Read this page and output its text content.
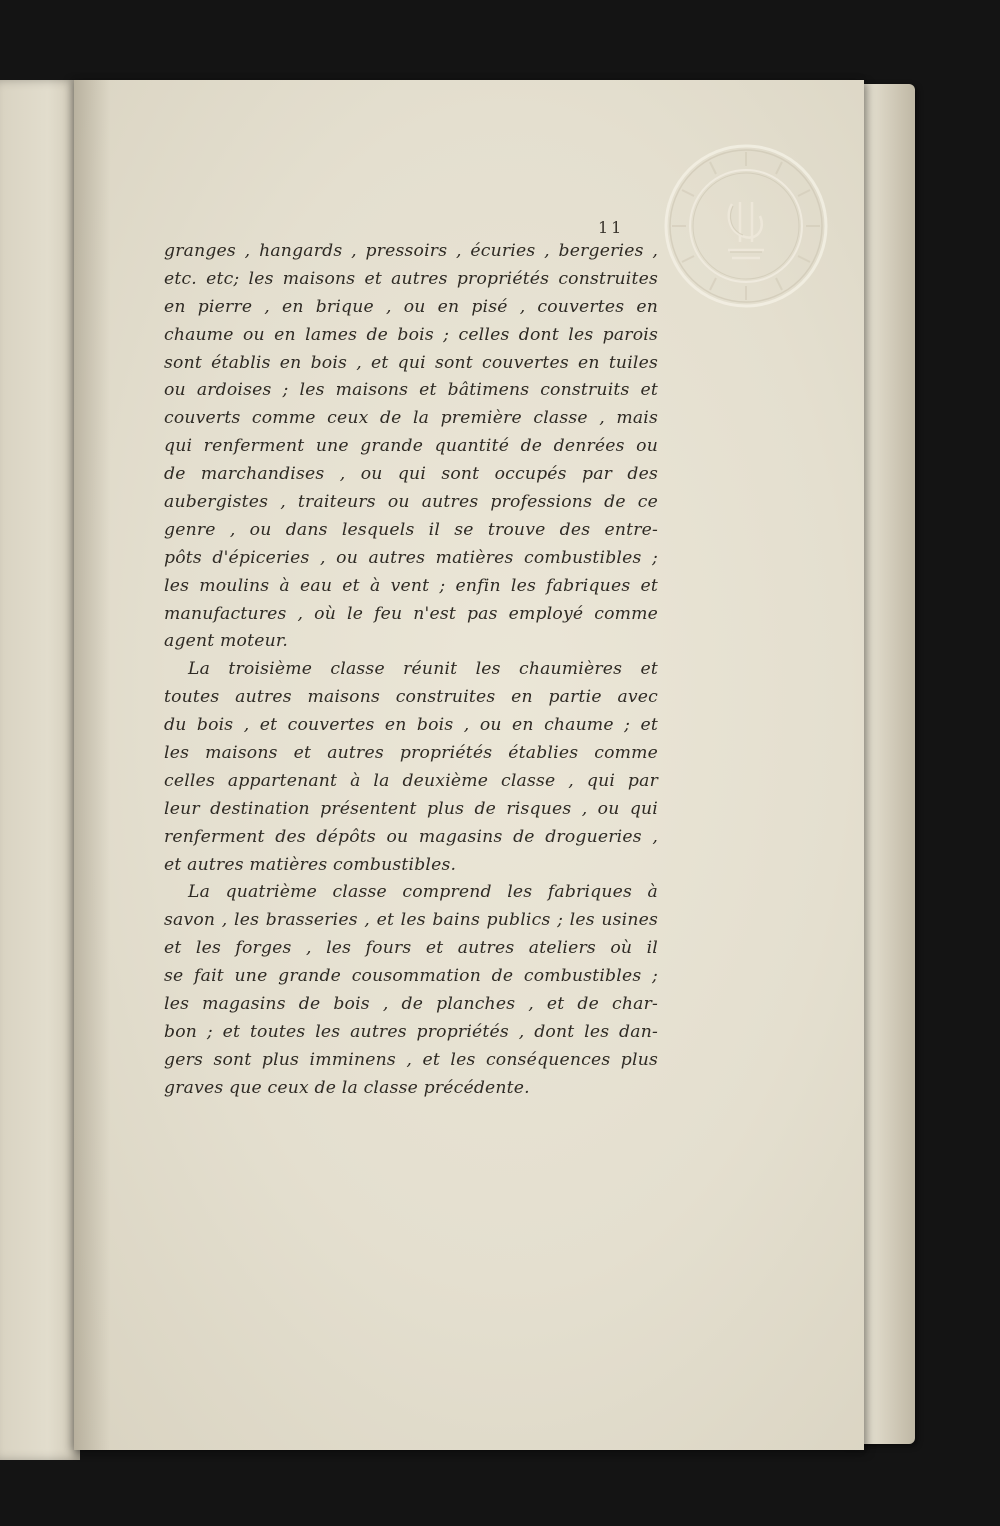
11
granges , hangards , pressoirs , écuries , bergeries ,
etc. etc; les maisons et autres propriétés construites
en pierre , en brique , ou en pisé , couvertes en
chaume ou en lames de bois ; celles dont les parois
sont établis en bois , et qui sont couvertes en tuiles
ou ardoises ; les maisons et bâtimens construits et
couverts comme ceux de la première classe , mais
qui renferment une grande quantité de denrées ou
de marchandises , ou qui sont occupés par des
aubergistes , traiteurs ou autres professions de ce
genre , ou dans lesquels il se trouve des entre-
pôts d'épiceries , ou autres matières combustibles ;
les moulins à eau et à vent ; enfin les fabriques et
manufactures , où le feu n'est pas employé comme
agent moteur.
La troisième classe réunit les chaumières et
toutes autres maisons construites en partie avec
du bois , et couvertes en bois , ou en chaume ; et
les maisons et autres propriétés établies comme
celles appartenant à la deuxième classe , qui par
leur destination présentent plus de risques , ou qui
renferment des dépôts ou magasins de drogueries ,
et autres matières combustibles.
La quatrième classe comprend les fabriques à
savon , les brasseries , et les bains publics ; les usines
et les forges , les fours et autres ateliers où il
se fait une grande cousommation de combustibles ;
les magasins de bois , de planches , et de char-
bon ; et toutes les autres propriétés , dont les dan-
gers sont plus imminens , et les conséquences plus
graves que ceux de la classe précédente.
